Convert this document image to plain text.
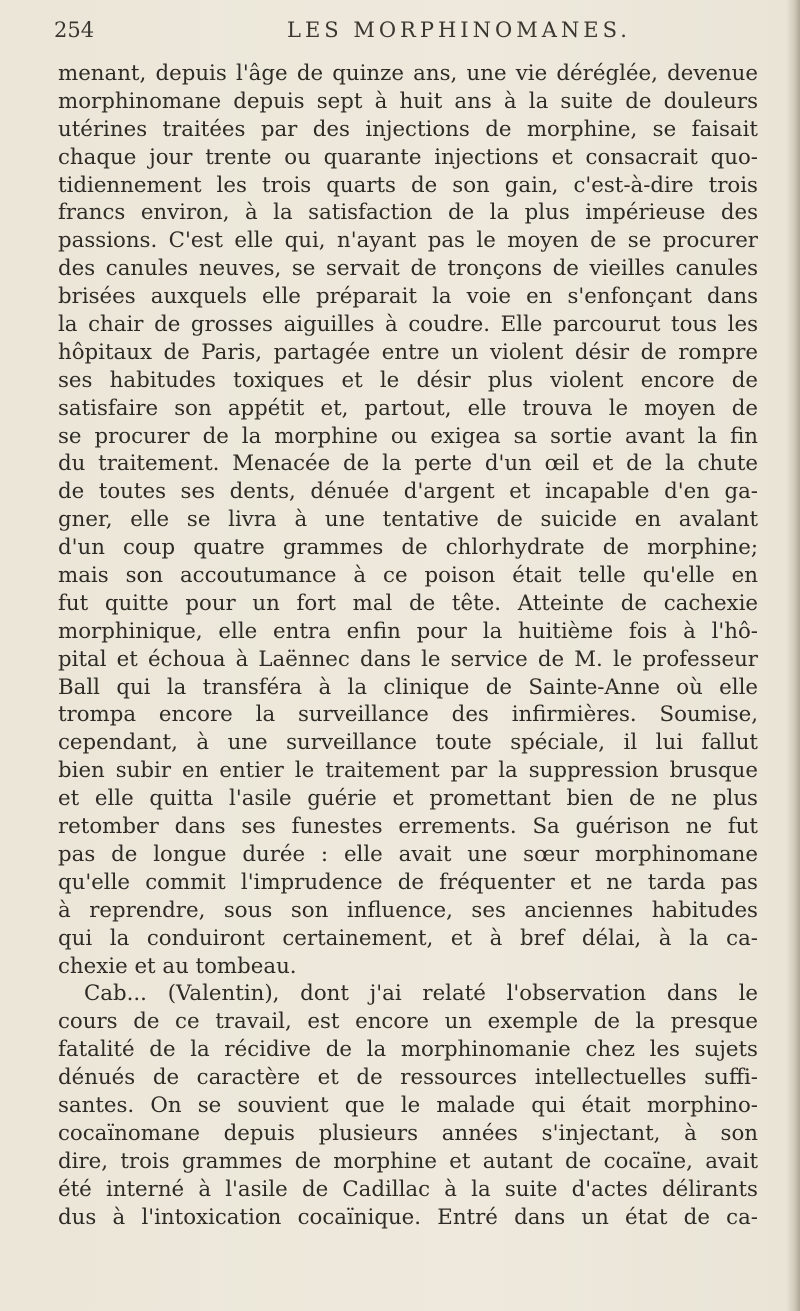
254	LES MORPHINOMANES.
menant, depuis l'âge de quinze ans, une vie déréglée, devenue
morphinomane depuis sept à huit ans à la suite de douleurs
utérines traitées par des injections de morphine, se faisait
chaque jour trente ou quarante injections et consacrait quo-
tidiennement les trois quarts de son gain, c'est-à-dire trois
francs environ, à la satisfaction de la plus impérieuse des
passions. C'est elle qui, n'ayant pas le moyen de se procurer
des canules neuves, se servait de tronçons de vieilles canules
brisées auxquels elle préparait la voie en s'enfonçant dans
la chair de grosses aiguilles à coudre. Elle parcourut tous les
hôpitaux de Paris, partagée entre un violent désir de rompre
ses habitudes toxiques et le désir plus violent encore de
satisfaire son appétit et, partout, elle trouva le moyen de
se procurer de la morphine ou exigea sa sortie avant la fin
du traitement. Menacée de la perte d'un œil et de la chute
de toutes ses dents, dénuée d'argent et incapable d'en ga-
gner, elle se livra à une tentative de suicide en avalant
d'un coup quatre grammes de chlorhydrate de morphine;
mais son accoutumance à ce poison était telle qu'elle en
fut quitte pour un fort mal de tête. Atteinte de cachexie
morphinique, elle entra enfin pour la huitième fois à l'hô-
pital et échoua à Laënnec dans le service de M. le professeur
Ball qui la transféra à la clinique de Sainte-Anne où elle
trompa encore la surveillance des infirmières. Soumise,
cependant, à une surveillance toute spéciale, il lui fallut
bien subir en entier le traitement par la suppression brusque
et elle quitta l'asile guérie et promettant bien de ne plus
retomber dans ses funestes errements. Sa guérison ne fut
pas de longue durée : elle avait une sœur morphinomane
qu'elle commit l'imprudence de fréquenter et ne tarda pas
à reprendre, sous son influence, ses anciennes habitudes
qui la conduiront certainement, et à bref délai, à la ca-
chexie et au tombeau.
Cab... (Valentin), dont j'ai relaté l'observation dans le
cours de ce travail, est encore un exemple de la presque
fatalité de la récidive de la morphinomanie chez les sujets
dénués de caractère et de ressources intellectuelles suffi-
santes. On se souvient que le malade qui était morphino-
cocaïnomane depuis plusieurs années s'injectant, à son
dire, trois grammes de morphine et autant de cocaïne, avait
été interné à l'asile de Cadillac à la suite d'actes délirants
dus à l'intoxication cocaïnique. Entré dans un état de ca-
